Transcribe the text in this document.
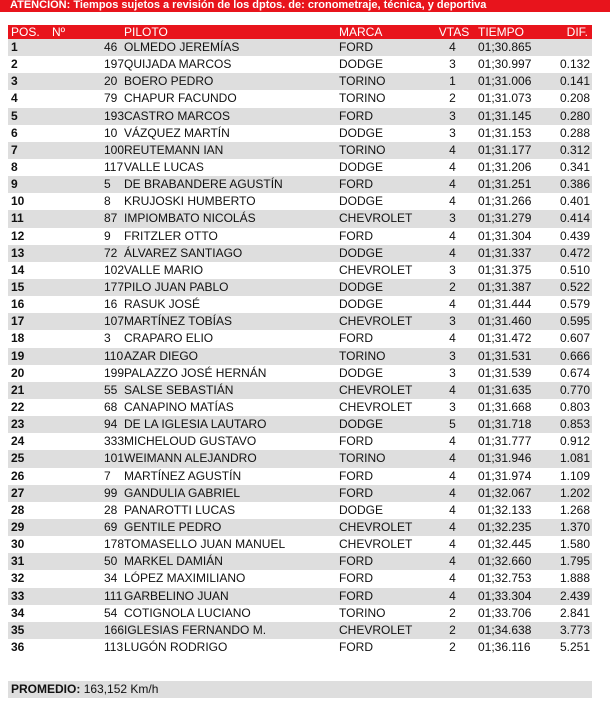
ATENCION: Tiempos sujetos a revisión de los dptos. de: cronometraje, técnica, y deportiva
POS.	Nº	PILOTO	MARCA	VTAS	TIEMPO	DIF.
1	46	OLMEDO JEREMÍAS	FORD	4	01;30.865	
2	197	QUIJADA MARCOS	DODGE	3	01;30.997	0.132
3	20	BOERO PEDRO	TORINO	1	01;31.006	0.141
4	79	CHAPUR FACUNDO	TORINO	2	01;31.073	0.208
5	193	CASTRO MARCOS	FORD	3	01;31.145	0.280
6	10	VÁZQUEZ MARTÍN	DODGE	3	01;31.153	0.288
7	100	REUTEMANN IAN	TORINO	4	01;31.177	0.312
8	117	VALLE LUCAS	DODGE	4	01;31.206	0.341
9	5	DE BRABANDERE AGUSTÍN	FORD	4	01;31.251	0.386
10	8	KRUJOSKI HUMBERTO	DODGE	4	01;31.266	0.401
11	87	IMPIOMBATO NICOLÁS	CHEVROLET	3	01;31.279	0.414
12	9	FRITZLER OTTO	FORD	4	01;31.304	0.439
13	72	ÁLVAREZ SANTIAGO	DODGE	4	01;31.337	0.472
14	102	VALLE MARIO	CHEVROLET	3	01;31.375	0.510
15	177	PILO JUAN PABLO	DODGE	2	01;31.387	0.522
16	16	RASUK JOSÉ	DODGE	4	01;31.444	0.579
17	107	MARTÍNEZ TOBÍAS	CHEVROLET	3	01;31.460	0.595
18	3	CRAPARO ELIO	FORD	4	01;31.472	0.607
19	110	AZAR DIEGO	TORINO	3	01;31.531	0.666
20	199	PALAZZO JOSÉ HERNÁN	DODGE	3	01;31.539	0.674
21	55	SALSE SEBASTIÁN	CHEVROLET	4	01;31.635	0.770
22	68	CANAPINO MATÍAS	CHEVROLET	3	01;31.668	0.803
23	94	DE LA IGLESIA LAUTARO	DODGE	5	01;31.718	0.853
24	333	MICHELOUD GUSTAVO	FORD	4	01;31.777	0.912
25	101	WEIMANN ALEJANDRO	TORINO	4	01;31.946	1.081
26	7	MARTÍNEZ AGUSTÍN	FORD	4	01;31.974	1.109
27	99	GANDULIA GABRIEL	FORD	4	01;32.067	1.202
28	28	PANAROTTI LUCAS	DODGE	4	01;32.133	1.268
29	69	GENTILE PEDRO	CHEVROLET	4	01;32.235	1.370
30	178	TOMASELLO JUAN MANUEL	CHEVROLET	4	01;32.445	1.580
31	50	MARKEL DAMIÁN	FORD	4	01;32.660	1.795
32	34	LÓPEZ MAXIMILIANO	FORD	4	01;32.753	1.888
33	111	GARBELINO JUAN	FORD	4	01;33.304	2.439
34	54	COTIGNOLA LUCIANO	TORINO	2	01;33.706	2.841
35	166	IGLESIAS FERNANDO M.	CHEVROLET	2	01;34.638	3.773
36	113	LUGÓN RODRIGO	FORD	2	01;36.116	5.251
PROMEDIO: 163,152 Km/h
